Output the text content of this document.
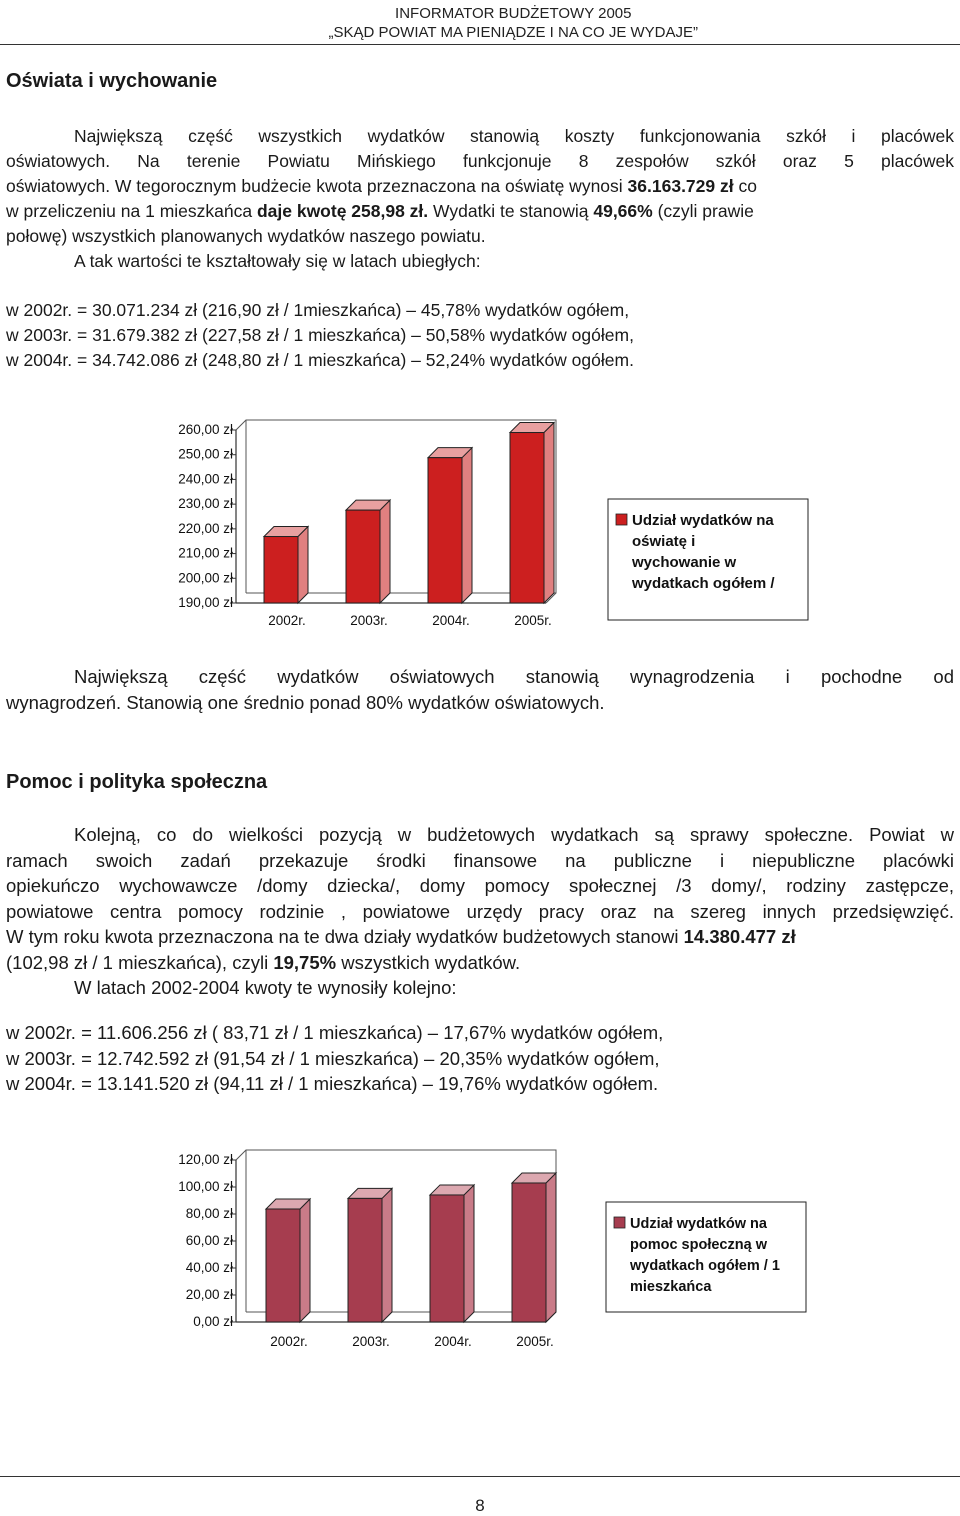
INFORMATOR BUDŻETOWY 2005
„SKĄD POWIAT MA PIENIĄDZE I NA CO JE WYDAJE”
Oświata i wychowanie

Największą część wszystkich wydatków stanowią koszty funkcjonowania szkół i placówek

oświatowych. Na terenie Powiatu Mińskiego funkcjonuje 8 zespołów szkół oraz 5 placówek

oświatowych. W tegorocznym budżecie kwota przeznaczona na oświatę wynosi 36.163.729 zł co

w przeliczeniu na 1 mieszkańca daje kwotę 258,98 zł. Wydatki te stanowią 49,66% (czyli prawie

połowę) wszystkich planowanych wydatków naszego powiatu.

A tak wartości te kształtowały się w latach ubiegłych:

w 2002r. = 30.071.234 zł (216,90 zł / 1mieszkańca) – 45,78% wydatków ogółem,

w 2003r. = 31.679.382 zł (227,58 zł / 1 mieszkańca) – 50,58% wydatków ogółem,

w 2004r. = 34.742.086 zł (248,80 zł / 1 mieszkańca) – 52,24% wydatków ogółem.

190,00 zł
200,00 zł
210,00 zł
220,00 zł
230,00 zł
240,00 zł
250,00 zł
260,00 zł
2002r.	2003r.	2004r.	2005r.
Udział wydatków na
oświatę i
wychowanie w
wydatkach ogółem /

Największą część wydatków oświatowych stanowią wynagrodzenia i pochodne od

wynagrodzeń. Stanowią one średnio ponad 80% wydatków oświatowych.

Pomoc i polityka społeczna

Kolejną, co do wielkości pozycją w budżetowych wydatkach są sprawy społeczne. Powiat w

ramach swoich zadań przekazuje środki finansowe na publiczne i niepubliczne placówki

opiekuńczo wychowawcze /domy dziecka/, domy pomocy społecznej /3 domy/, rodziny zastępcze,

powiatowe centra pomocy rodzinie , powiatowe urzędy pracy oraz na szereg innych przedsięwzięć.

W tym roku kwota przeznaczona na te dwa działy wydatków budżetowych stanowi 14.380.477 zł

(102,98 zł / 1 mieszkańca), czyli 19,75% wszystkich wydatków.

W latach 2002-2004 kwoty te wynosiły kolejno:

w 2002r. = 11.606.256 zł ( 83,71 zł / 1 mieszkańca) – 17,67% wydatków ogółem,

w 2003r. = 12.742.592 zł (91,54 zł / 1 mieszkańca) – 20,35% wydatków ogółem,

w 2004r. = 13.141.520 zł (94,11 zł / 1 mieszkańca) – 19,76% wydatków ogółem.

0,00 zł
20,00 zł
40,00 zł
60,00 zł
80,00 zł
100,00 zł
120,00 zł
2002r.	2003r.	2004r.	2005r.
Udział wydatków na
pomoc społeczną w
wydatkach ogółem / 1
mieszkańca
8
